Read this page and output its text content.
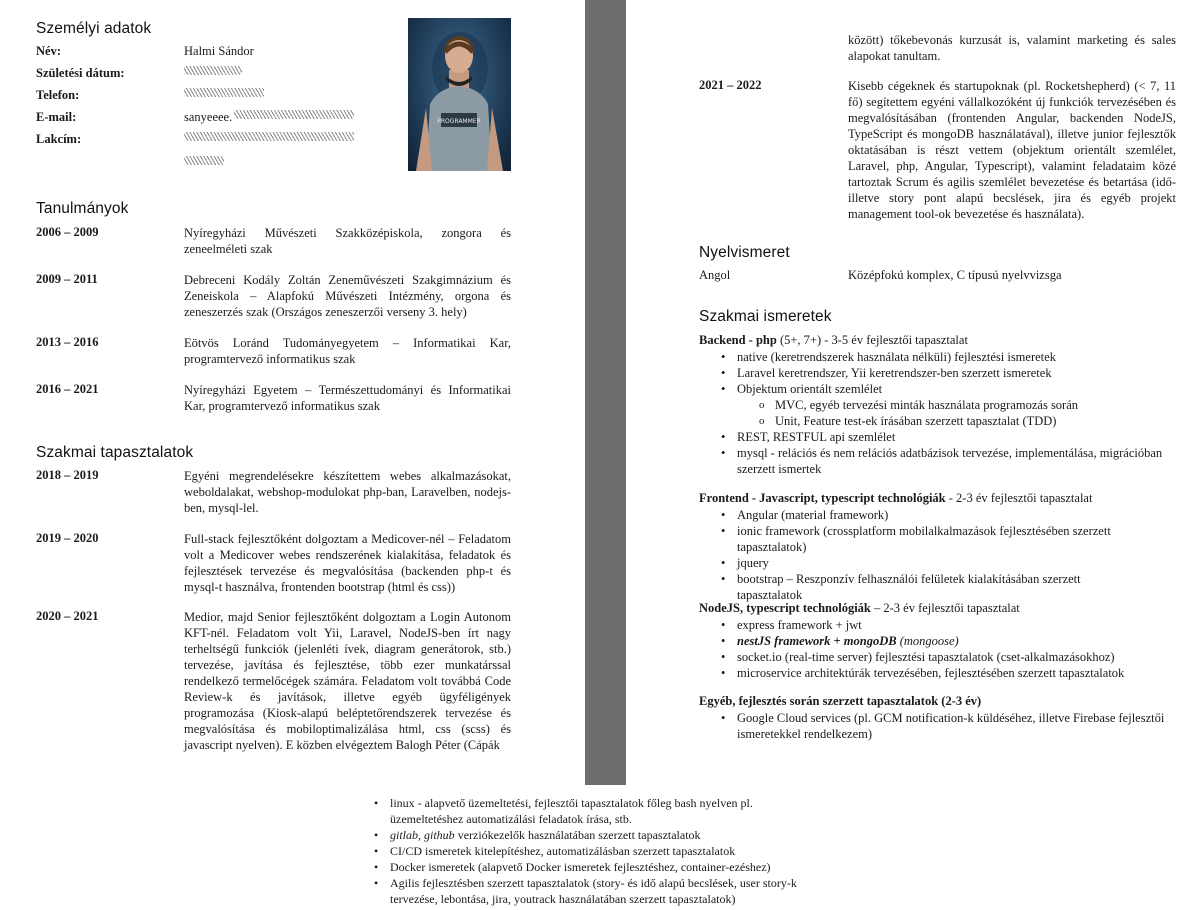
Személyi adatok
Név:	Halmi Sándor
Születési dátum:
Telefon:
E-mail:	sanyeeee.
Lakcím:
PROGRAMMER
Tanulmányok
2006 – 2009	Nyíregyházi Művészeti Szakközépiskola, zongora és zeneelméleti szak
2009 – 2011	Debreceni Kodály Zoltán Zeneművészeti Szakgimnázium és Zeneiskola – Alapfokú Művészeti Intézmény, orgona és zeneszerzés szak (Országos zeneszerzői verseny 3. hely)
2013 – 2016	Eötvös Loránd Tudományegyetem – Informatikai Kar, programtervező informatikus szak
2016 – 2021	Nyíregyházi Egyetem – Természettudományi és Informatikai Kar, programtervező informatikus szak
Szakmai tapasztalatok
2018 – 2019	Egyéni megrendelésekre készítettem webes alkalmazásokat, weboldalakat, webshop-modulokat php-ban, Laravelben, nodejs-ben, mysql-lel.
2019 – 2020	Full-stack fejlesztőként dolgoztam a Medicover-nél – Feladatom volt a Medicover webes rendszerének kialakítása, feladatok és fejlesztések tervezése és megvalósítása (backenden php-t és mysql-t használva, frontenden bootstrap (html és css))
2020 – 2021	Medior, majd Senior fejlesztőként dolgoztam a Login Autonom KFT-nél. Feladatom volt Yii, Laravel, NodeJS-ben írt nagy terheltségű funkciók (jelenléti ívek, diagram generátorok, stb.) tervezése, javítása és fejlesztése, több ezer munkatárssal rendelkező termelőcégek számára. Feladatom volt továbbá Code Review-k és javítások, illetve egyéb ügyféligények programozása (Kiosk-alapú beléptetőrendszerek tervezése és megvalósítása és mobiloptimalizálása html, css (scss) és javascript nyelven). E közben elvégeztem Balogh Péter (Cápák
között) tőkebevonás kurzusát is, valamint marketing és sales alapokat tanultam.
2021 – 2022	Kisebb cégeknek és startupoknak (pl. Rocketshepherd) (< 7, 11 fő) segítettem egyéni vállalkozóként új funkciók tervezésében és megvalósításában (frontenden Angular, backenden NodeJS, TypeScript és mongoDB használatával), illetve junior fejlesztők oktatásában is részt vettem (objektum orientált szemlélet, Laravel, php, Angular, Typescript), valamint feladataim közé tartoztak Scrum és agilis szemlélet bevezetése és betartása (idő- illetve story pont alapú becslések, jira és egyéb projekt management tool-ok bevezetése és használata).
Nyelvismeret
Angol	Középfokú komplex, C típusú nyelvvizsga
Szakmai ismeretek
Backend - php (5+, 7+) - 3-5 év fejlesztői tapasztalat
• native (keretrendszerek használata nélküli) fejlesztési ismeretek
• Laravel keretrendszer, Yii keretrendszer-ben szerzett ismeretek
• Objektum orientált szemlélet
o MVC, egyéb tervezési minták használata programozás során
o Unit, Feature test-ek írásában szerzett tapasztalat (TDD)
• REST, RESTFUL api szemlélet
• mysql - relációs és nem relációs adatbázisok tervezése, implementálása, migrációban szerzett ismertek
Frontend - Javascript, typescript technológiák - 2-3 év fejlesztői tapasztalat
• Angular (material framework)
• ionic framework (crossplatform mobilalkalmazások fejlesztésében szerzett tapasztalatok)
• jquery
• bootstrap – Reszponzív felhasználói felületek kialakításában szerzett tapasztalatok
NodeJS, typescript technológiák – 2-3 év fejlesztői tapasztalat
• express framework + jwt
• nestJS framework + mongoDB (mongoose)
• socket.io (real-time server) fejlesztési tapasztalatok (cset-alkalmazásokhoz)
• microservice architektúrák tervezésében, fejlesztésében szerzett tapasztalatok
Egyéb, fejlesztés során szerzett tapasztalatok (2-3 év)
• Google Cloud services (pl. GCM notification-k küldéséhez, illetve Firebase fejlesztői ismeretekkel rendelkezem)
• linux - alapvető üzemeltetési, fejlesztői tapasztalatok főleg bash nyelven pl. üzemeltetéshez automatizálási feladatok írása, stb.
• gitlab, github verziókezelők használatában szerzett tapasztalatok
• CI/CD ismeretek kitelepítéshez, automatizálásban szerzett tapasztalatok
• Docker ismeretek (alapvető Docker ismeretek fejlesztéshez, container-ezéshez)
• Agilis fejlesztésben szerzett tapasztalatok (story- és idő alapú becslések, user story-k tervezése, lebontása, jira, youtrack használatában szerzett tapasztalatok)
